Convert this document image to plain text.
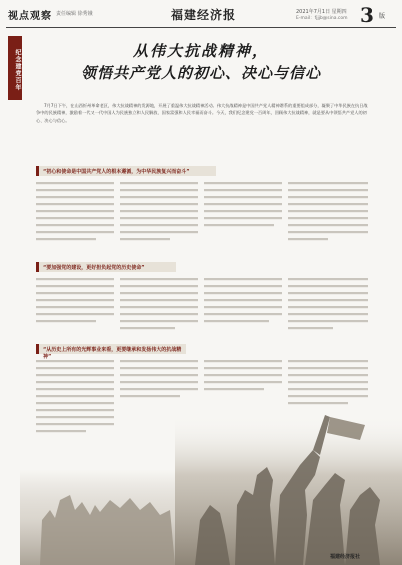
视点观察 责任编辑 徐秀娥	福建经济报	2021年7月1日 星期四
E-mail：fjjjb@sina.com 3 版
纪念建党百年	从伟大抗战精神，
领悟共产党人的初心、决心与信心

7月7日下午，在山西忻州革命老区，伟大抗战精神的发源地，开展了重温伟大抗战精神活动。伟大抗战精神是中国共产党人精神谱系的重要组成部分，凝聚了中华民族在抗日战争中的民族精神，激励着一代又一代中国人为民族独立和人民解放、国家富强和人民幸福而奋斗。今天，我们纪念建党一百周年，回顾伟大抗战精神，就是要从中领悟共产党人的初心、决心与信心。

“初心和使命是中国共产党人的根本遵循，为中华民族复兴而奋斗”
“要加强党的建设，更好担负起党的历史使命”
“从历史上所有的光辉事业来看，更要继承和发扬伟大的抗战精神”
福建经济报社
